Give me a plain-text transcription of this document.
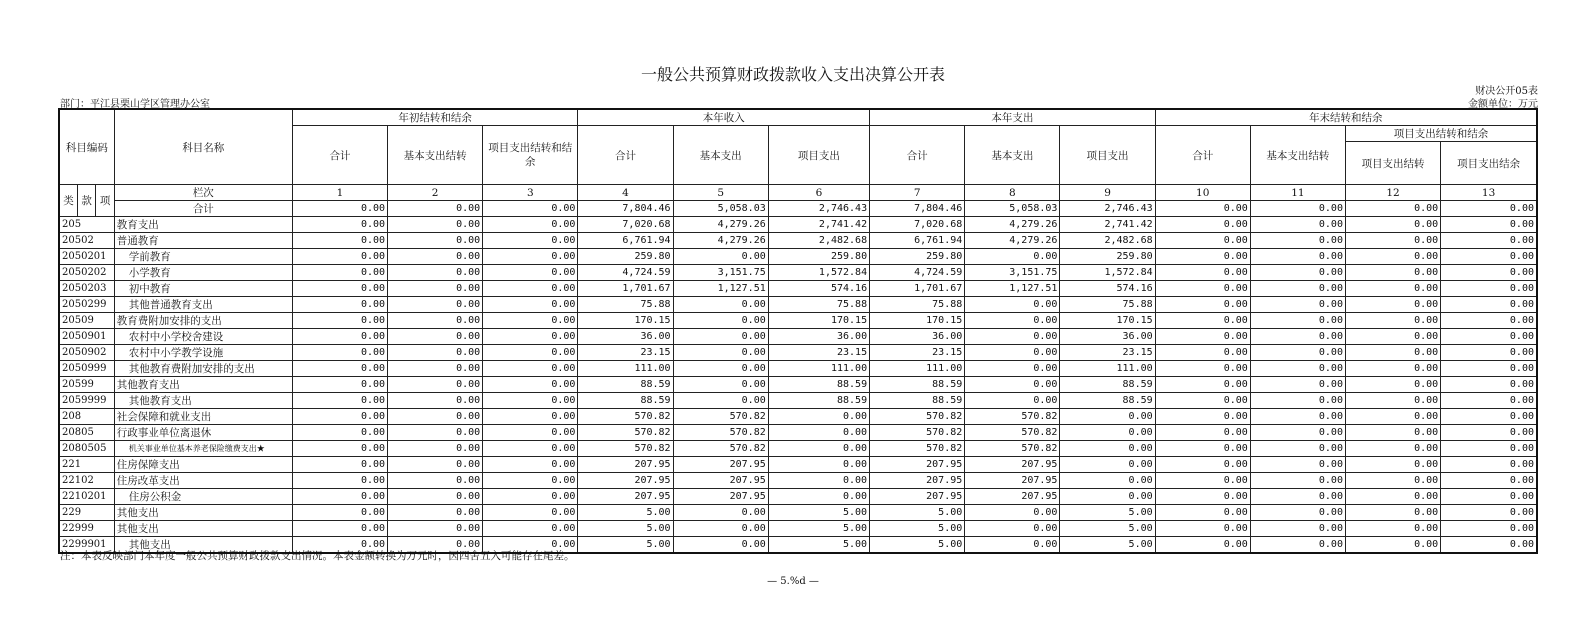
一般公共预算财政拨款收入支出决算公开表
财决公开05表
部门：平江县栗山学区管理办公室	金额单位：万元
科目编码			科目名称	年初结转和结余			本年收入			本年支出			年末结转和结余			
				合计	基本支出结转	项目支出结转和结余	合计	基本支出	项目支出	合计	基本支出	项目支出	合计	基本支出结转	项目支出结转和结余	
															项目支出结转	项目支出结余
类	款	项	栏次	1	2	3	4	5	6	7	8	9	10	11	12	13
			合计	0.00	0.00	0.00	7,804.46	5,058.03	2,746.43	7,804.46	5,058.03	2,746.43	0.00	0.00	0.00	0.00
205			教育支出	0.00	0.00	0.00	7,020.68	4,279.26	2,741.42	7,020.68	4,279.26	2,741.42	0.00	0.00	0.00	0.00
20502			普通教育	0.00	0.00	0.00	6,761.94	4,279.26	2,482.68	6,761.94	4,279.26	2,482.68	0.00	0.00	0.00	0.00
2050201			学前教育	0.00	0.00	0.00	259.80	0.00	259.80	259.80	0.00	259.80	0.00	0.00	0.00	0.00
2050202			小学教育	0.00	0.00	0.00	4,724.59	3,151.75	1,572.84	4,724.59	3,151.75	1,572.84	0.00	0.00	0.00	0.00
2050203			初中教育	0.00	0.00	0.00	1,701.67	1,127.51	574.16	1,701.67	1,127.51	574.16	0.00	0.00	0.00	0.00
2050299			其他普通教育支出	0.00	0.00	0.00	75.88	0.00	75.88	75.88	0.00	75.88	0.00	0.00	0.00	0.00
20509			教育费附加安排的支出	0.00	0.00	0.00	170.15	0.00	170.15	170.15	0.00	170.15	0.00	0.00	0.00	0.00
2050901			农村中小学校舍建设	0.00	0.00	0.00	36.00	0.00	36.00	36.00	0.00	36.00	0.00	0.00	0.00	0.00
2050902			农村中小学教学设施	0.00	0.00	0.00	23.15	0.00	23.15	23.15	0.00	23.15	0.00	0.00	0.00	0.00
2050999			其他教育费附加安排的支出	0.00	0.00	0.00	111.00	0.00	111.00	111.00	0.00	111.00	0.00	0.00	0.00	0.00
20599			其他教育支出	0.00	0.00	0.00	88.59	0.00	88.59	88.59	0.00	88.59	0.00	0.00	0.00	0.00
2059999			其他教育支出	0.00	0.00	0.00	88.59	0.00	88.59	88.59	0.00	88.59	0.00	0.00	0.00	0.00
208			社会保障和就业支出	0.00	0.00	0.00	570.82	570.82	0.00	570.82	570.82	0.00	0.00	0.00	0.00	0.00
20805			行政事业单位离退休	0.00	0.00	0.00	570.82	570.82	0.00	570.82	570.82	0.00	0.00	0.00	0.00	0.00
2080505			机关事业单位基本养老保险缴费支出★	0.00	0.00	0.00	570.82	570.82	0.00	570.82	570.82	0.00	0.00	0.00	0.00	0.00
221			住房保障支出	0.00	0.00	0.00	207.95	207.95	0.00	207.95	207.95	0.00	0.00	0.00	0.00	0.00
22102			住房改革支出	0.00	0.00	0.00	207.95	207.95	0.00	207.95	207.95	0.00	0.00	0.00	0.00	0.00
2210201			住房公积金	0.00	0.00	0.00	207.95	207.95	0.00	207.95	207.95	0.00	0.00	0.00	0.00	0.00
229			其他支出	0.00	0.00	0.00	5.00	0.00	5.00	5.00	0.00	5.00	0.00	0.00	0.00	0.00
22999			其他支出	0.00	0.00	0.00	5.00	0.00	5.00	5.00	0.00	5.00	0.00	0.00	0.00	0.00
2299901			其他支出	0.00	0.00	0.00	5.00	0.00	5.00	5.00	0.00	5.00	0.00	0.00	0.00	0.00
注：本表反映部门本年度一般公共预算财政拨款支出情况。本表金额转换为万元时，因四舍五入可能存在尾差。
— 5.%d —
